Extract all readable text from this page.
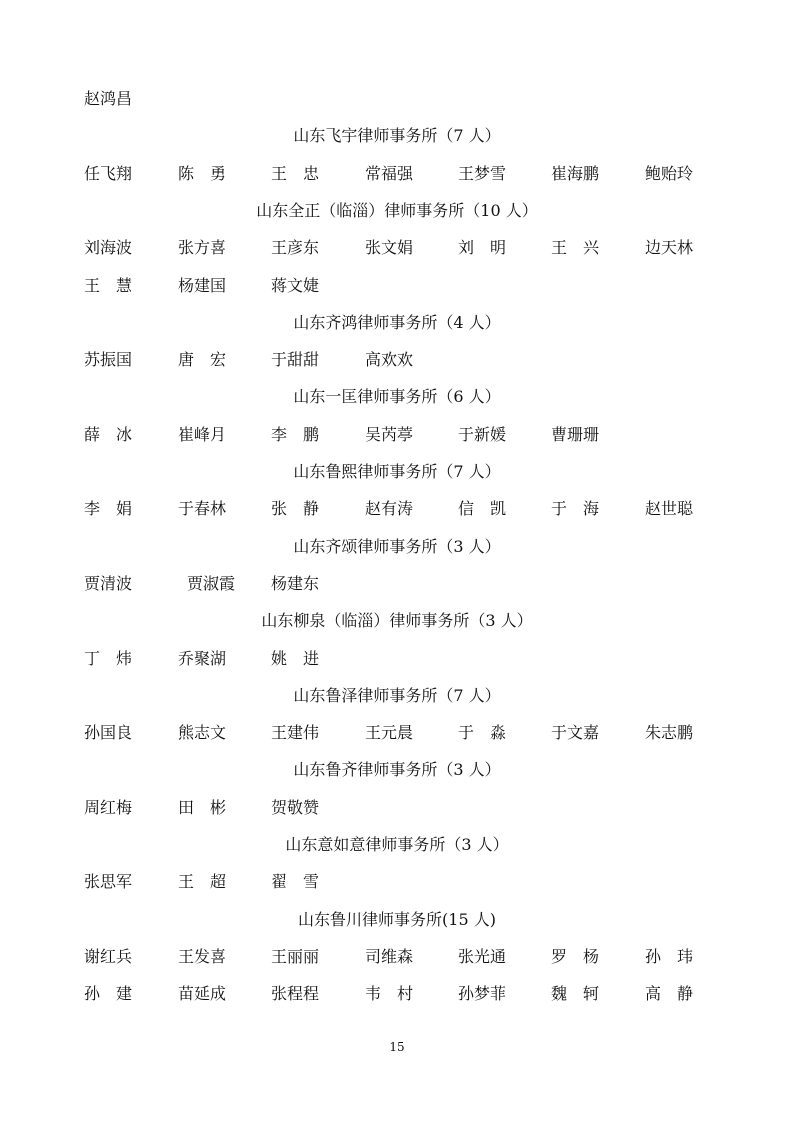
赵鸿昌
山东飞宇律师事务所（7 人）
任飞翔	陈　勇	王　忠	常福强	王梦雪	崔海鹏	鲍贻玲
山东全正（临淄）律师事务所（10 人）
刘海波	张方喜	王彦东	张文娟	刘　明	王　兴	边天林
王　慧	杨建国	蒋文婕
山东齐鸿律师事务所（4 人）
苏振国	唐　宏	于甜甜	高欢欢
山东一匡律师事务所（6 人）
薛　冰	崔峰月	李　鹏	吴芮葶	于新媛	曹珊珊
山东鲁熙律师事务所（7 人）
李　娟	于春林	张　静	赵有涛	信　凯	于　海	赵世聪
山东齐颂律师事务所（3 人）
贾清波	贾淑霞 杨建东
山东柳泉（临淄）律师事务所（3 人）
丁　炜	乔聚湖	姚　进
山东鲁泽律师事务所（7 人）
孙国良	熊志文	王建伟	王元晨	于　淼	于文嘉	朱志鹏
山东鲁齐律师事务所（3 人）
周红梅	田　彬	贺敬赞
山东意如意律师事务所（3 人）
张思军	王　超	翟　雪
山东鲁川律师事务所(15 人)
谢红兵	王发喜	王丽丽	司维森	张光通	罗　杨	孙　玮
孙　建	苗延成	张程程	韦　村	孙梦菲	魏　轲	高　静
15
